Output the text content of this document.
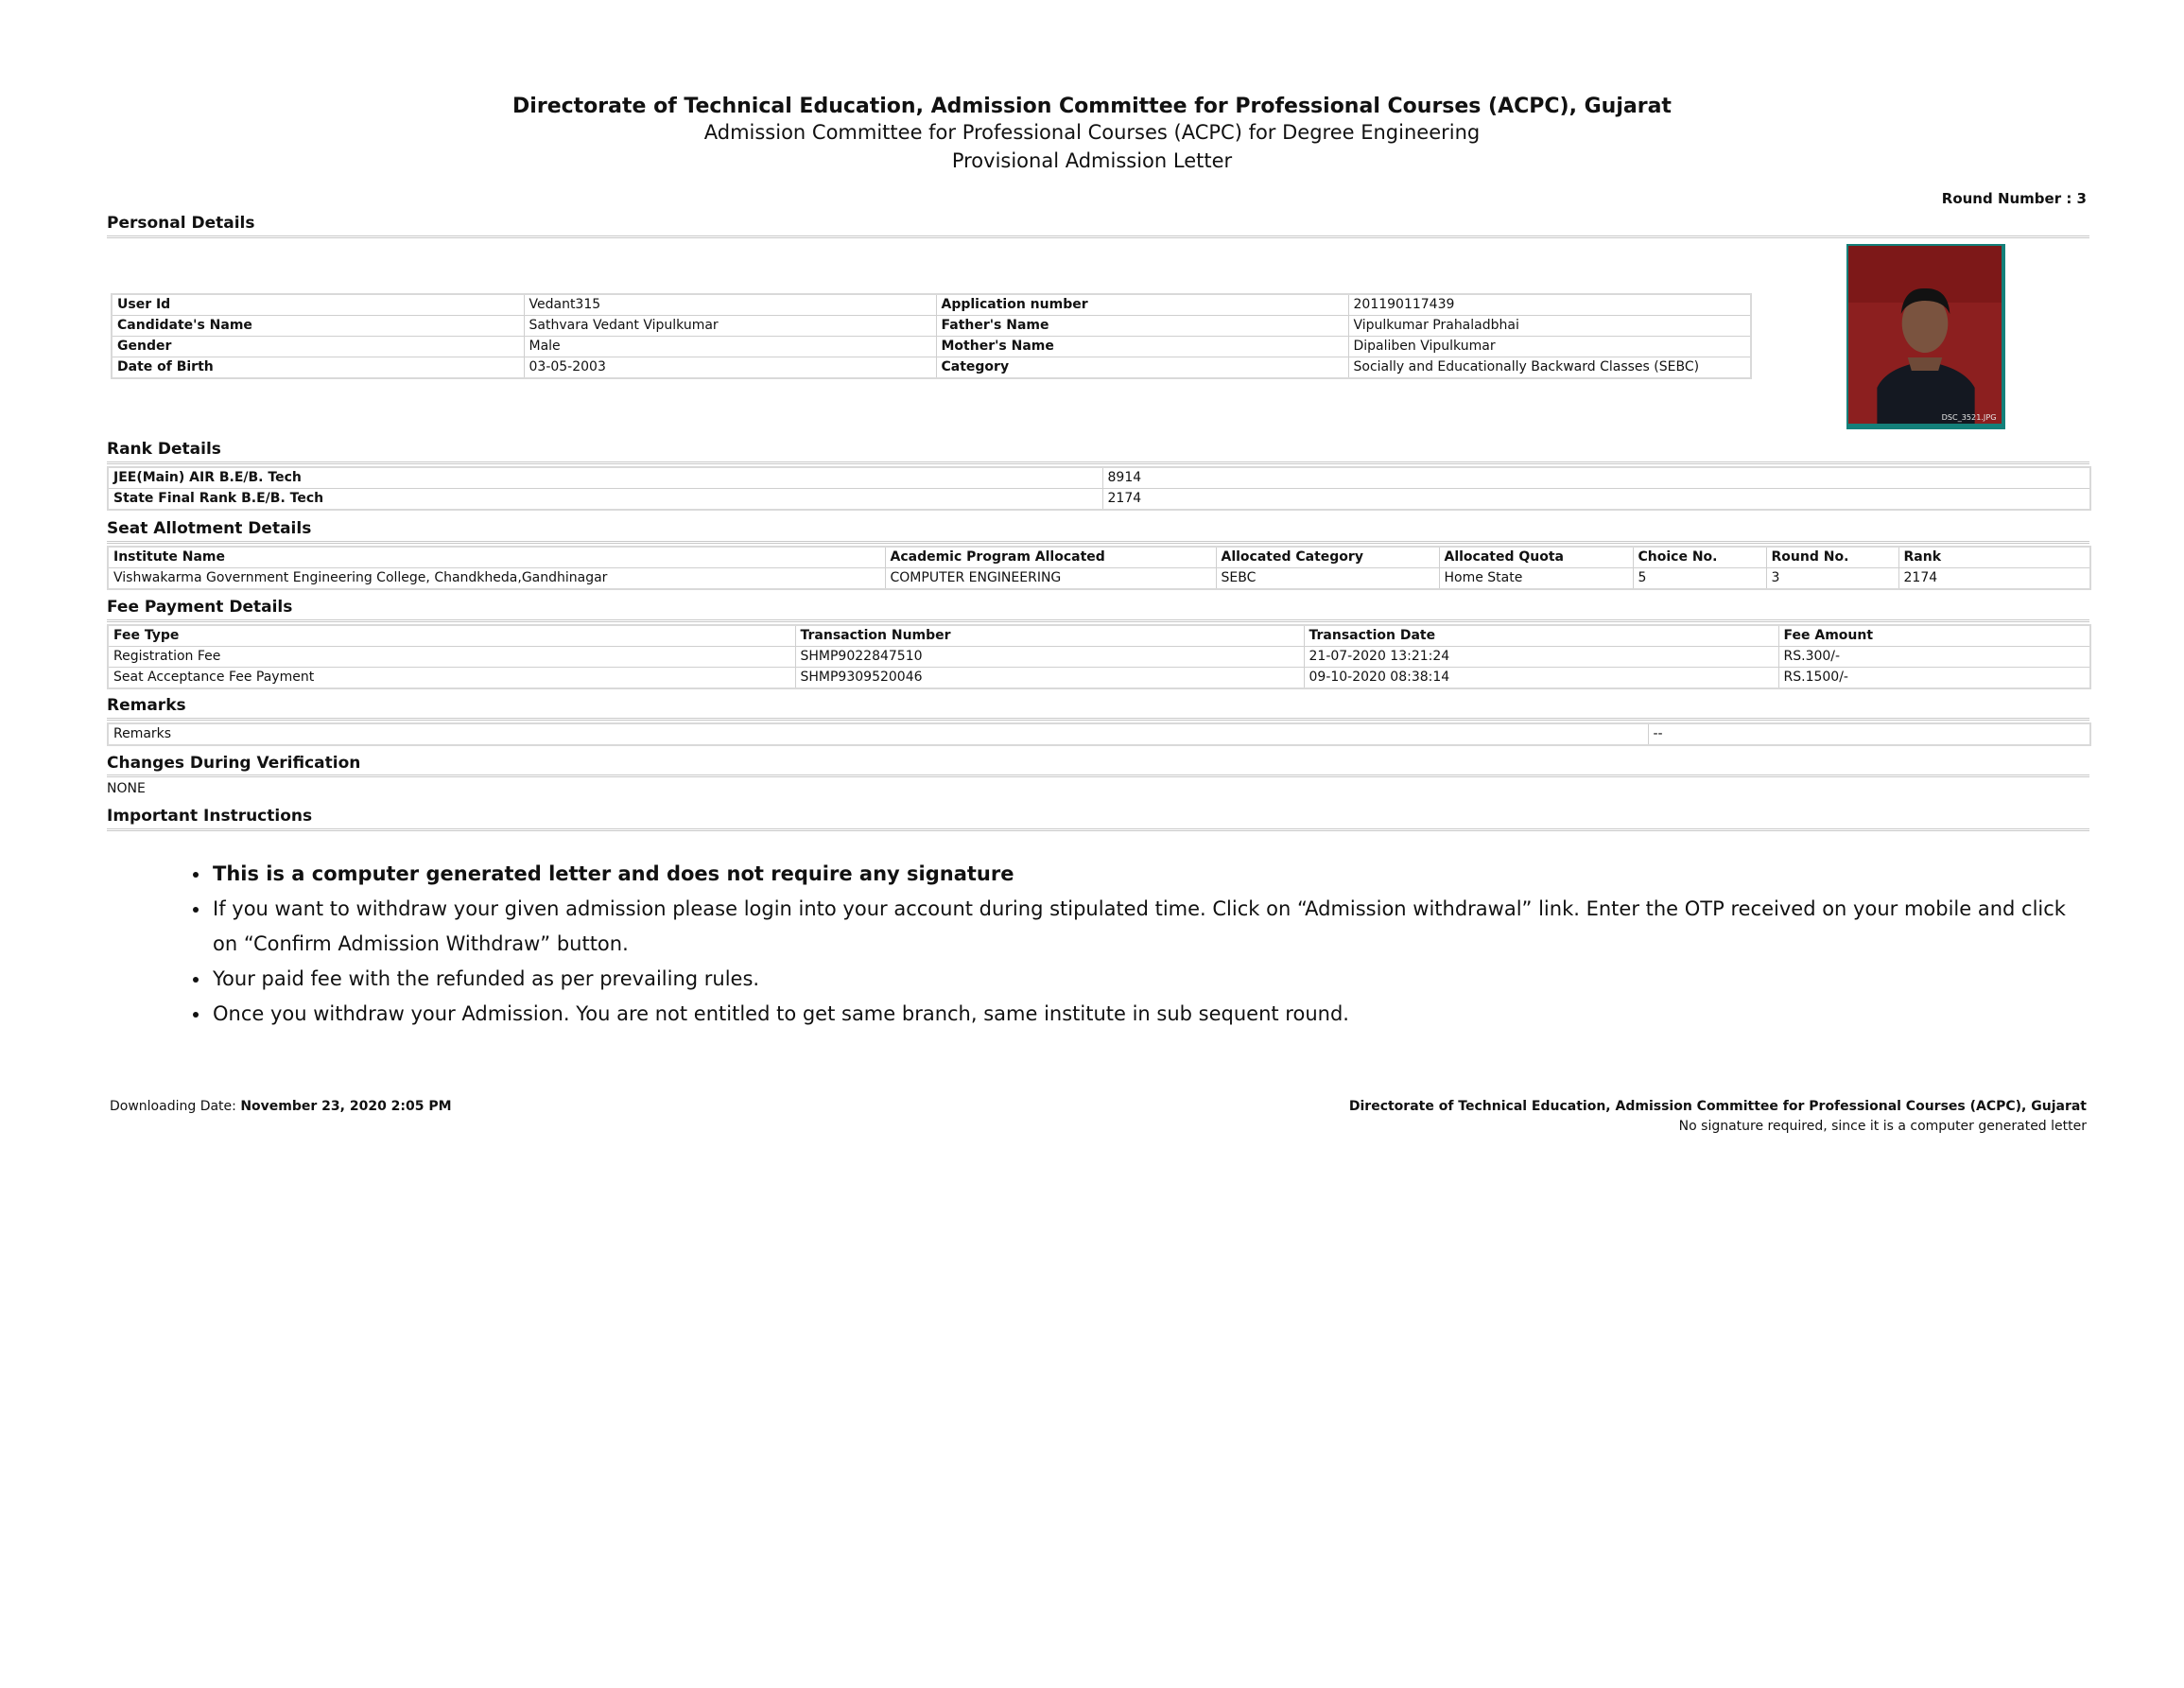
Directorate of Technical Education, Admission Committee for Professional Courses (ACPC), Gujarat
Admission Committee for Professional Courses (ACPC) for Degree Engineering
Provisional Admission Letter
Round Number : 3
Personal Details
User Id	Vedant315	Application number	201190117439
Candidate's Name	Sathvara Vedant Vipulkumar	Father's Name	Vipulkumar Prahaladbhai
Gender	Male	Mother's Name	Dipaliben Vipulkumar
Date of Birth	03-05-2003	Category	Socially and Educationally Backward Classes (SEBC)
DSC_3521.JPG
Rank Details
JEE(Main) AIR B.E/B. Tech	8914
State Final Rank B.E/B. Tech	2174
Seat Allotment Details
Institute Name	Academic Program Allocated	Allocated Category	Allocated Quota	Choice No.	Round No.	Rank
Vishwakarma Government Engineering College, Chandkheda,Gandhinagar	COMPUTER ENGINEERING	SEBC	Home State	5	3	2174
Fee Payment Details
Fee Type	Transaction Number	Transaction Date	Fee Amount
Registration Fee	SHMP9022847510	21-07-2020 13:21:24	RS.300/-
Seat Acceptance Fee Payment	SHMP9309520046	09-10-2020 08:38:14	RS.1500/-
Remarks
Remarks	--
Changes During Verification
NONE
Important Instructions
• This is a computer generated letter and does not require any signature
• If you want to withdraw your given admission please login into your account during stipulated time. Click on “Admission withdrawal” link. Enter the OTP received on your mobile and click on “Confirm Admission Withdraw” button.
• Your paid fee with the refunded as per prevailing rules.
• Once you withdraw your Admission. You are not entitled to get same branch, same institute in sub sequent round.
Downloading Date: November 23, 2020 2:05 PM	Directorate of Technical Education, Admission Committee for Professional Courses (ACPC), Gujarat
No signature required, since it is a computer generated letter
